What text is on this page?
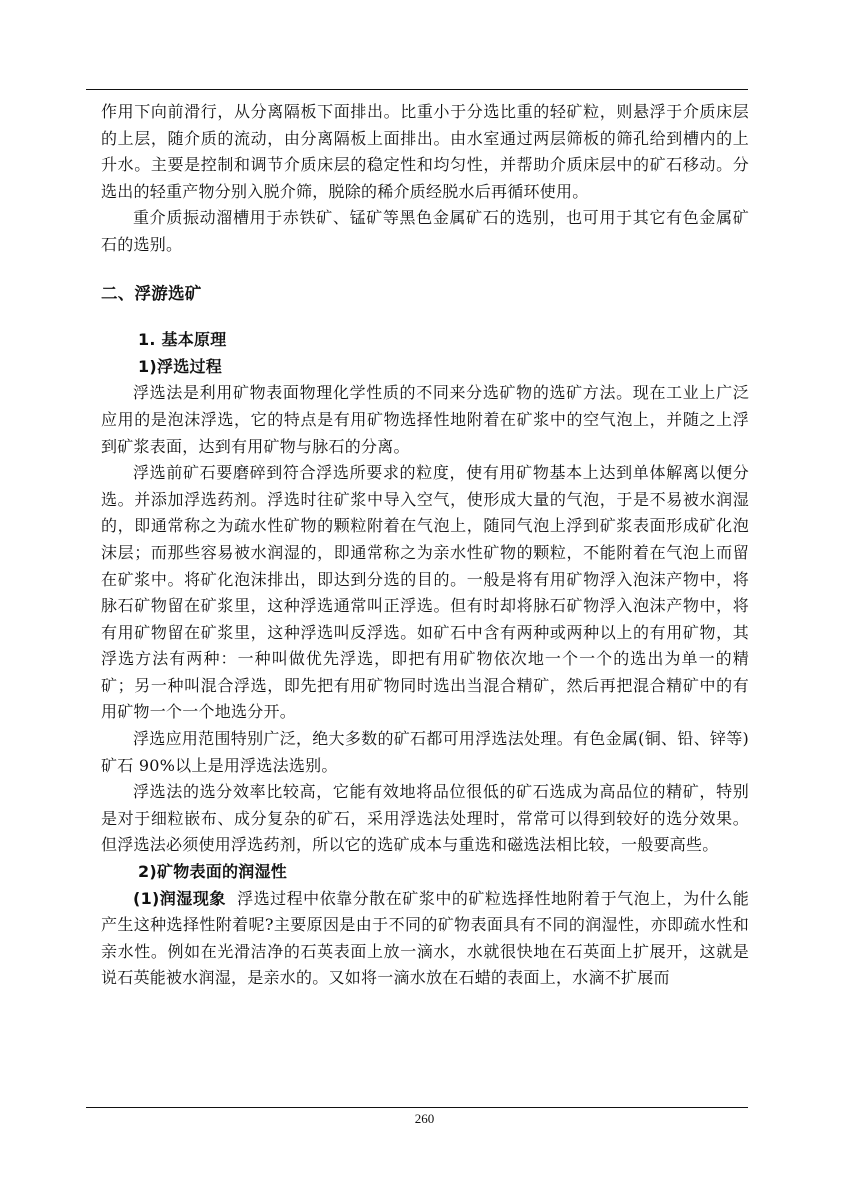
作用下向前滑行，从分离隔板下面排出。比重小于分选比重的轻矿粒，则悬浮于介质床层的上层，随介质的流动，由分离隔板上面排出。由水室通过两层筛板的筛孔给到槽内的上升水。主要是控制和调节介质床层的稳定性和均匀性，并帮助介质床层中的矿石移动。分选出的轻重产物分别入脱介筛，脱除的稀介质经脱水后再循环使用。

重介质振动溜槽用于赤铁矿、锰矿等黑色金属矿石的选别，也可用于其它有色金属矿石的选别。

二、浮游选矿
1. 基本原理
1)浮选过程

浮选法是利用矿物表面物理化学性质的不同来分选矿物的选矿方法。现在工业上广泛应用的是泡沫浮选，它的特点是有用矿物选择性地附着在矿浆中的空气泡上，并随之上浮到矿浆表面，达到有用矿物与脉石的分离。

浮选前矿石要磨碎到符合浮选所要求的粒度，使有用矿物基本上达到单体解离以便分选。并添加浮选药剂。浮选时往矿浆中导入空气，使形成大量的气泡，于是不易被水润湿的，即通常称之为疏水性矿物的颗粒附着在气泡上，随同气泡上浮到矿浆表面形成矿化泡沫层；而那些容易被水润湿的，即通常称之为亲水性矿物的颗粒，不能附着在气泡上而留在矿浆中。将矿化泡沫排出，即达到分选的目的。一般是将有用矿物浮入泡沫产物中，将脉石矿物留在矿浆里，这种浮选通常叫正浮选。但有时却将脉石矿物浮入泡沫产物中，将有用矿物留在矿浆里，这种浮选叫反浮选。如矿石中含有两种或两种以上的有用矿物，其浮选方法有两种：一种叫做优先浮选，即把有用矿物依次地一个一个的选出为单一的精矿；另一种叫混合浮选，即先把有用矿物同时选出当混合精矿，然后再把混合精矿中的有用矿物一个一个地选分开。

浮选应用范围特别广泛，绝大多数的矿石都可用浮选法处理。有色金属(铜、铅、锌等)矿石 90%以上是用浮选法选别。

浮选法的选分效率比较高，它能有效地将品位很低的矿石选成为高品位的精矿，特别是对于细粒嵌布、成分复杂的矿石，采用浮选法处理时，常常可以得到较好的选分效果。但浮选法必须使用浮选药剂，所以它的选矿成本与重选和磁选法相比较，一般要高些。

2)矿物表面的润湿性

(1)润湿现象 浮选过程中依靠分散在矿浆中的矿粒选择性地附着于气泡上，为什么能产生这种选择性附着呢?主要原因是由于不同的矿物表面具有不同的润湿性，亦即疏水性和亲水性。例如在光滑洁净的石英表面上放一滴水，水就很快地在石英面上扩展开，这就是说石英能被水润湿，是亲水的。又如将一滴水放在石蜡的表面上，水滴不扩展而

260
